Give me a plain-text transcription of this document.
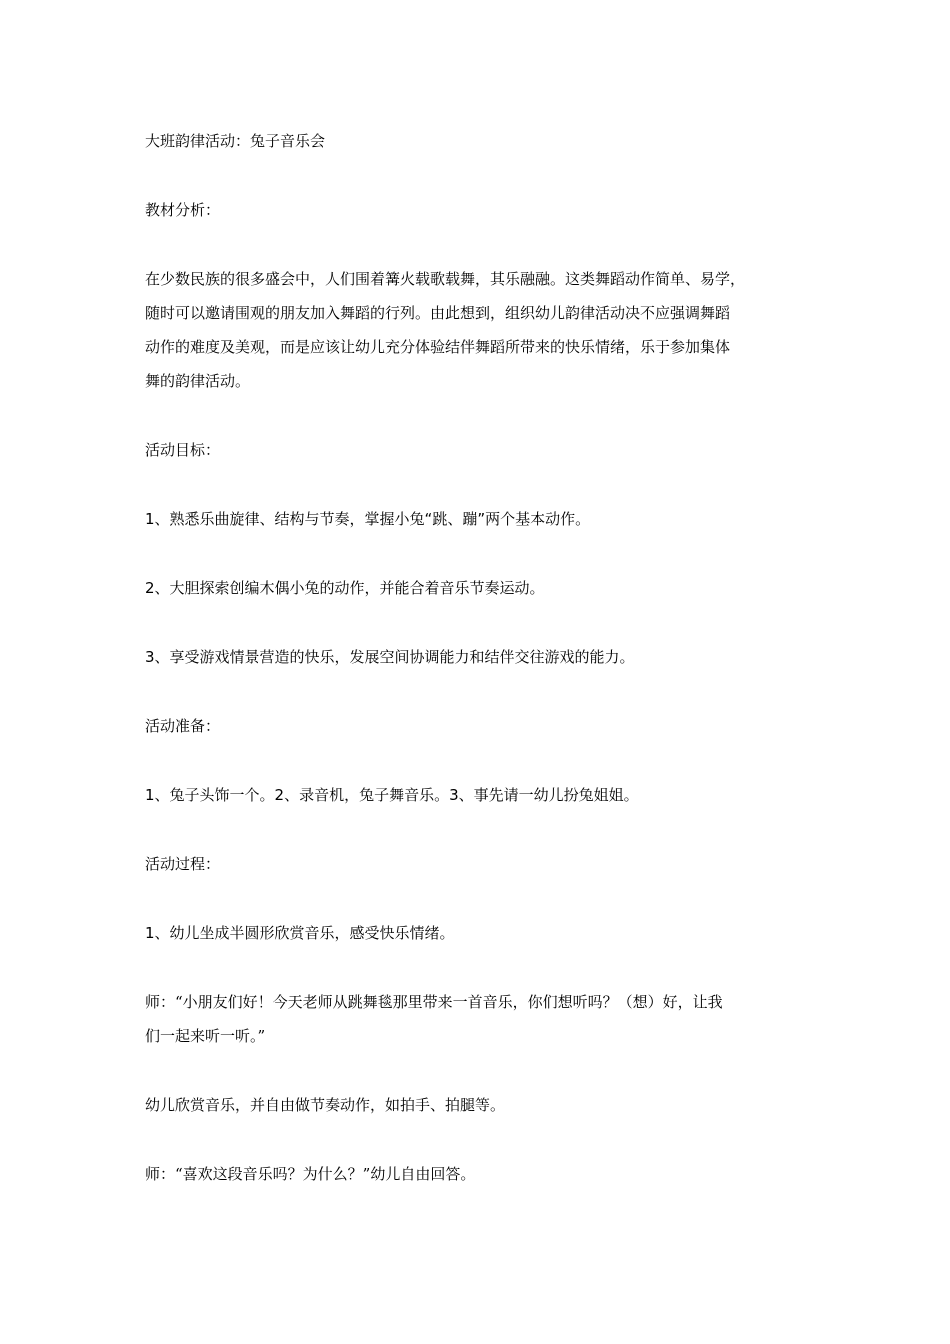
大班韵律活动：兔子音乐会

教材分析：

在少数民族的很多盛会中，人们围着篝火载歌载舞，其乐融融。这类舞蹈动作简单、易学，
随时可以邀请围观的朋友加入舞蹈的行列。由此想到，组织幼儿韵律活动决不应强调舞蹈
动作的难度及美观，而是应该让幼儿充分体验结伴舞蹈所带来的快乐情绪，乐于参加集体
舞的韵律活动。

活动目标：

1、熟悉乐曲旋律、结构与节奏，掌握小兔“跳、蹦”两个基本动作。

2、大胆探索创编木偶小兔的动作，并能合着音乐节奏运动。

3、享受游戏情景营造的快乐，发展空间协调能力和结伴交往游戏的能力。

活动准备：

1、兔子头饰一个。2、录音机，兔子舞音乐。3、事先请一幼儿扮兔姐姐。

活动过程：

1、幼儿坐成半圆形欣赏音乐，感受快乐情绪。

师：“小朋友们好！今天老师从跳舞毯那里带来一首音乐，你们想听吗？（想）好，让我
们一起来听一听。”

幼儿欣赏音乐，并自由做节奏动作，如拍手、拍腿等。

师：“喜欢这段音乐吗？为什么？”幼儿自由回答。
